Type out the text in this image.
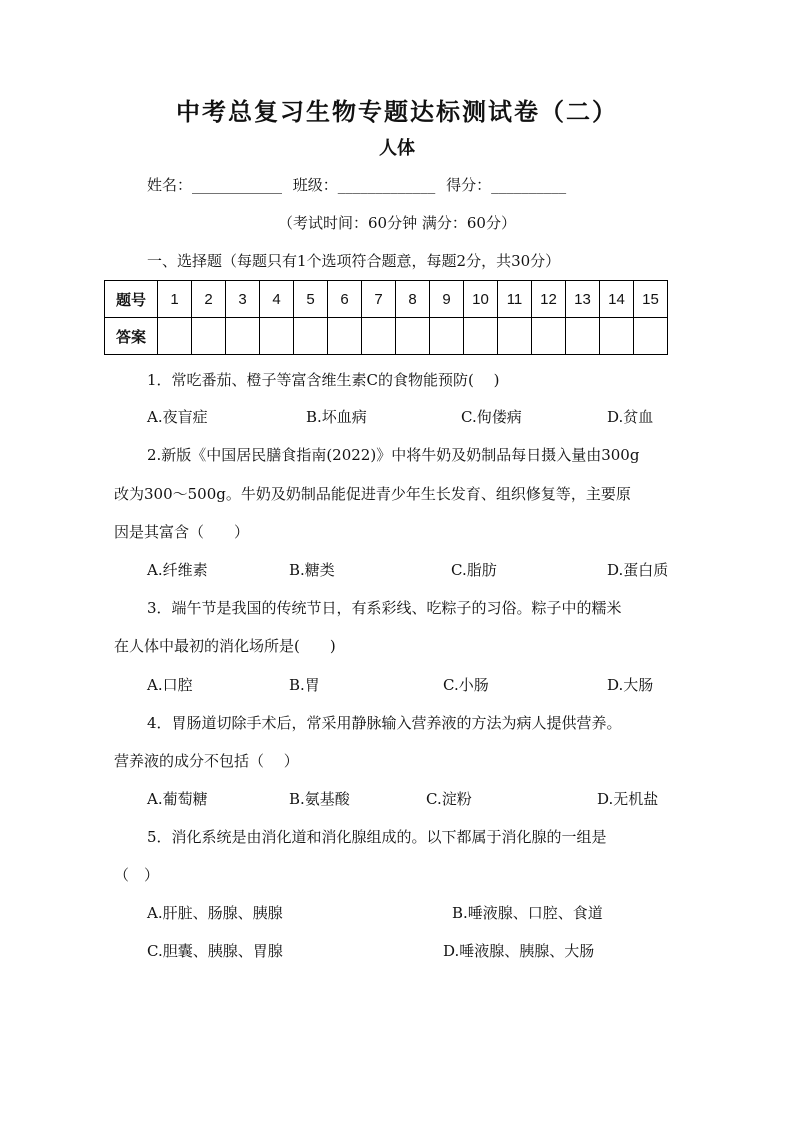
中考总复习生物专题达标测试卷（二）
人体
姓名：____________ 班级：_____________ 得分：__________
（考试时间：60分钟 满分：60分）
一、选择题（每题只有1个选项符合题意，每题2分，共30分）
题号	1	2	3	4	5	6	7	8	9	10	11	12	13	14	15
答案															
1．常吃番茄、橙子等富含维生素C的食物能预防(　 )
A.夜盲症	B.坏血病	C.佝偻病	D.贫血
2.新版《中国居民膳食指南(2022)》中将牛奶及奶制品每日摄入量由300g
改为300～500g。牛奶及奶制品能促进青少年生长发育、组织修复等，主要原
因是其富含（　　）
A.纤维素	B.糖类	C.脂肪	D.蛋白质
3．端午节是我国的传统节日，有系彩线、吃粽子的习俗。粽子中的糯米
在人体中最初的消化场所是(　　)
A.口腔	B.胃	C.小肠	D.大肠
4．胃肠道切除手术后，常采用静脉输入营养液的方法为病人提供营养。
营养液的成分不包括（　 ）
A.葡萄糖	B.氨基酸	C.淀粉	D.无机盐
5．消化系统是由消化道和消化腺组成的。以下都属于消化腺的一组是
（　）
A.肝脏、肠腺、胰腺	B.唾液腺、口腔、食道
C.胆囊、胰腺、胃腺	D.唾液腺、胰腺、大肠
